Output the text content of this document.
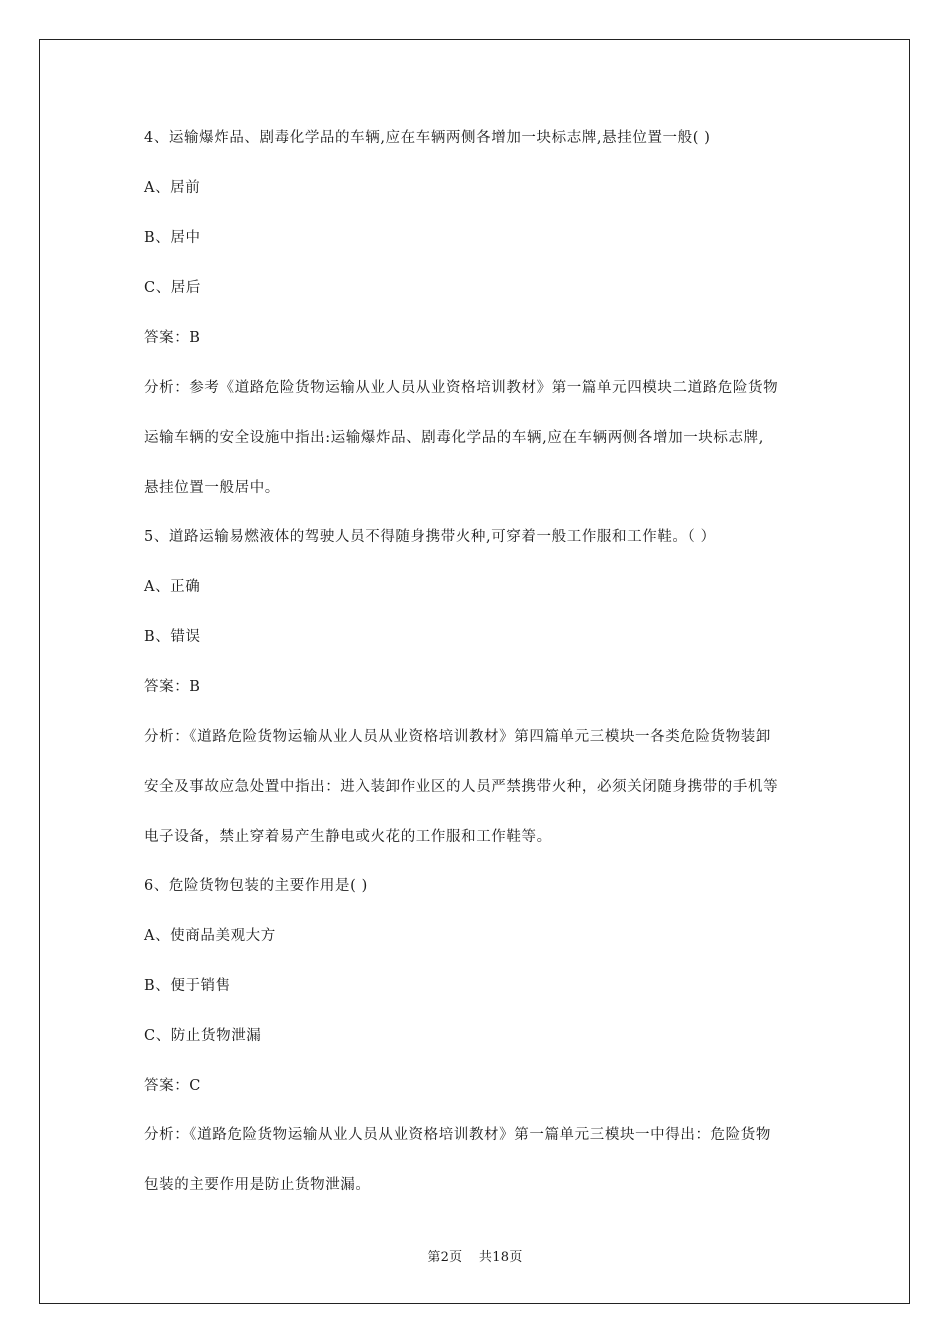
4、运输爆炸品、剧毒化学品的车辆,应在车辆两侧各增加一块标志牌,悬挂位置一般( )
A、居前
B、居中
C、居后
答案：B
分析：参考《道路危险货物运输从业人员从业资格培训教材》第一篇单元四模块二道路危险货物
运输车辆的安全设施中指出:运输爆炸品、剧毒化学品的车辆,应在车辆两侧各增加一块标志牌,
悬挂位置一般居中。
5、道路运输易燃液体的驾驶人员不得随身携带火种,可穿着一般工作服和工作鞋。（ ）
A、正确
B、错误
答案：B
分析：《道路危险货物运输从业人员从业资格培训教材》第四篇单元三模块一各类危险货物装卸
安全及事故应急处置中指出：进入装卸作业区的人员严禁携带火种，必须关闭随身携带的手机等
电子设备，禁止穿着易产生静电或火花的工作服和工作鞋等。
6、危险货物包装的主要作用是( )
A、使商品美观大方
B、便于销售
C、防止货物泄漏
答案：C
分析：《道路危险货物运输从业人员从业资格培训教材》第一篇单元三模块一中得出：危险货物
包装的主要作用是防止货物泄漏。
第2页 共18页
